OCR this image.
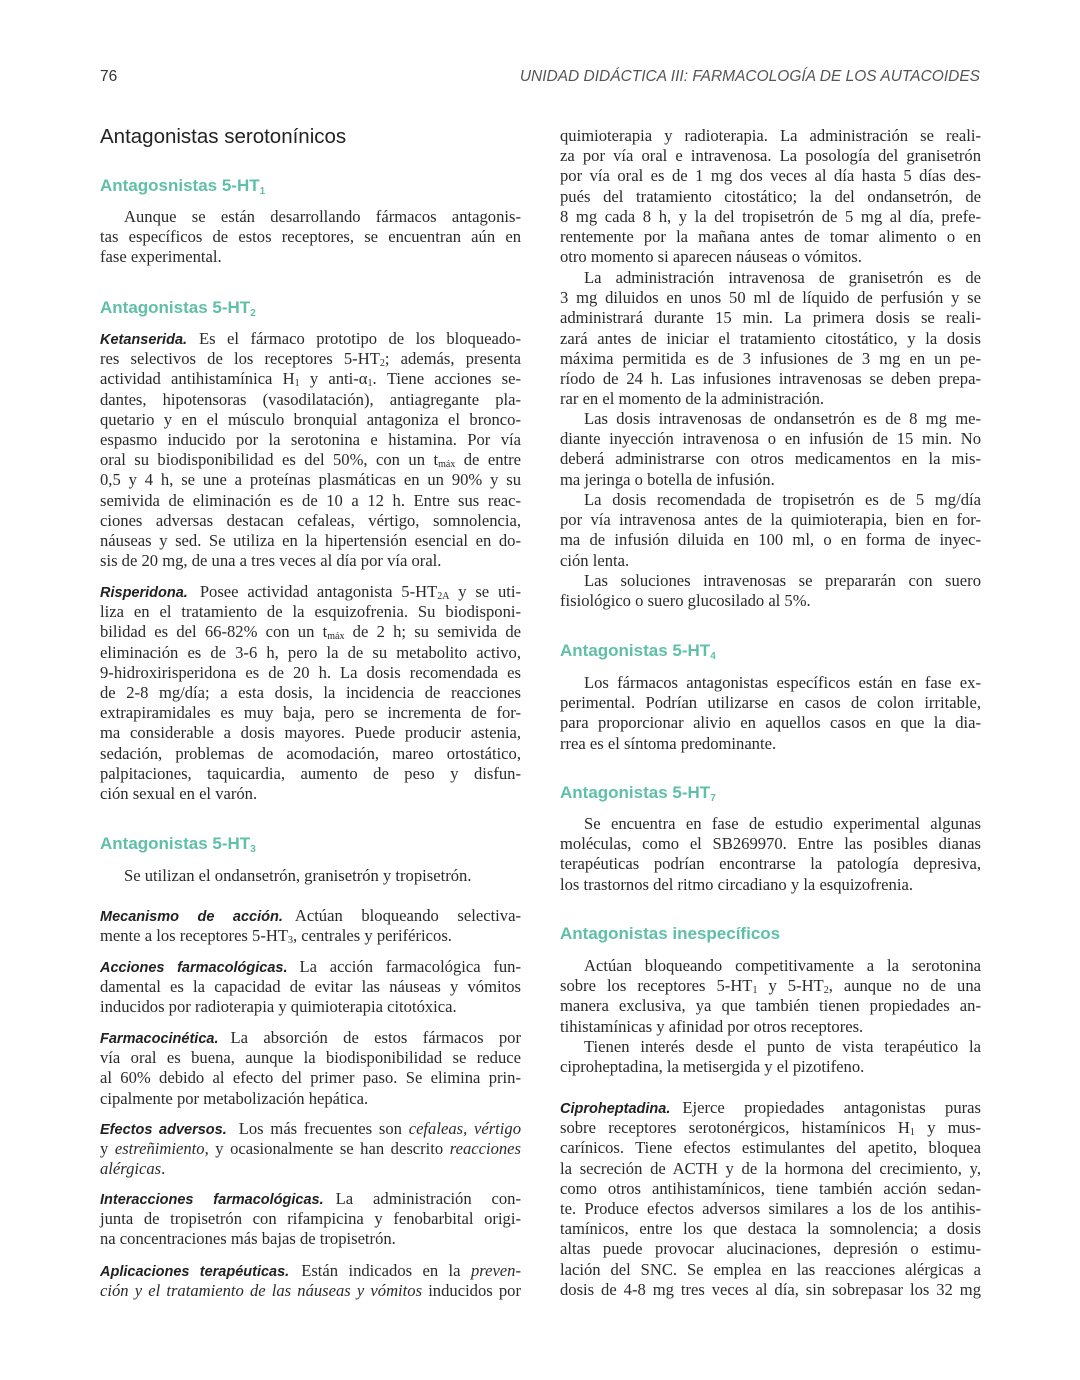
76	UNIDAD DIDÁCTICA III: FARMACOLOGÍA DE LOS AUTACOIDES
Antagonistas serotonínicos
Antagosnistas $5-HT_1$
Aunque se están desarrollando fármacos antagonis-
tas específicos de estos receptores, se encuentran aún en
fase experimental.
Antagonistas $5-HT_2$
Ketanserida. Es el fármaco prototipo de los bloqueado-
res selectivos de los receptores $5-HT_2$; además, presenta
actividad antihistamínica $H_1$ y anti-$\alpha_1$. Tiene acciones se-
dantes, hipotensoras (vasodilatación), antiagregante pla-
quetario y en el músculo bronquial antagoniza el bronco-
espasmo inducido por la serotonina e histamina. Por vía
oral su biodisponibilidad es del 50%, con un $t_{máx}$ de entre
0,5 y 4 h, se une a proteínas plasmáticas en un 90% y su
semivida de eliminación es de 10 a 12 h. Entre sus reac-
ciones adversas destacan cefaleas, vértigo, somnolencia,
náuseas y sed. Se utiliza en la hipertensión esencial en do-
sis de 20 mg, de una a tres veces al día por vía oral.
Risperidona. Posee actividad antagonista $5-HT_{2A}$ y se uti-
liza en el tratamiento de la esquizofrenia. Su biodisponi-
bilidad es del 66-82% con un $t_{máx}$ de 2 h; su semivida de
eliminación es de 3-6 h, pero la de su metabolito activo,
9-hidroxirisperidona es de 20 h. La dosis recomendada es
de 2-8 mg/día; a esta dosis, la incidencia de reacciones
extrapiramidales es muy baja, pero se incrementa de for-
ma considerable a dosis mayores. Puede producir astenia,
sedación, problemas de acomodación, mareo ortostático,
palpitaciones, taquicardia, aumento de peso y disfun-
ción sexual en el varón.
Antagonistas $5-HT_3$
Se utilizan el ondansetrón, granisetrón y tropisetrón.
Mecanismo de acción. Actúan bloqueando selectiva-
mente a los receptores $5-HT_3$, centrales y periféricos.
Acciones farmacológicas. La acción farmacológica fun-
damental es la capacidad de evitar las náuseas y vómitos
inducidos por radioterapia y quimioterapia citotóxica.
Farmacocinética. La absorción de estos fármacos por
vía oral es buena, aunque la biodisponibilidad se reduce
al 60% debido al efecto del primer paso. Se elimina prin-
cipalmente por metabolización hepática.
Efectos adversos. Los más frecuentes son cefaleas, vértigo
y estreñimiento, y ocasionalmente se han descrito reacciones
alérgicas.
Interacciones farmacológicas. La administración con-
junta de tropisetrón con rifampicina y fenobarbital origi-
na concentraciones más bajas de tropisetrón.
Aplicaciones terapéuticas. Están indicados en la preven-
ción y el tratamiento de las náuseas y vómitos inducidos por
quimioterapia y radioterapia. La administración se reali-
za por vía oral e intravenosa. La posología del granisetrón
por vía oral es de 1 mg dos veces al día hasta 5 días des-
pués del tratamiento citostático; la del ondansetrón, de
8 mg cada 8 h, y la del tropisetrón de 5 mg al día, prefe-
rentemente por la mañana antes de tomar alimento o en
otro momento si aparecen náuseas o vómitos.
La administración intravenosa de granisetrón es de
3 mg diluidos en unos 50 ml de líquido de perfusión y se
administrará durante 15 min. La primera dosis se reali-
zará antes de iniciar el tratamiento citostático, y la dosis
máxima permitida es de 3 infusiones de 3 mg en un pe-
ríodo de 24 h. Las infusiones intravenosas se deben prepa-
rar en el momento de la administración.
Las dosis intravenosas de ondansetrón es de 8 mg me-
diante inyección intravenosa o en infusión de 15 min. No
deberá administrarse con otros medicamentos en la mis-
ma jeringa o botella de infusión.
La dosis recomendada de tropisetrón es de 5 mg/día
por vía intravenosa antes de la quimioterapia, bien en for-
ma de infusión diluida en 100 ml, o en forma de inyec-
ción lenta.
Las soluciones intravenosas se prepararán con suero
fisiológico o suero glucosilado al 5%.
Antagonistas $5-HT_4$
Los fármacos antagonistas específicos están en fase ex-
perimental. Podrían utilizarse en casos de colon irritable,
para proporcionar alivio en aquellos casos en que la dia-
rrea es el síntoma predominante.
Antagonistas $5-HT_7$
Se encuentra en fase de estudio experimental algunas
moléculas, como el SB269970. Entre las posibles dianas
terapéuticas podrían encontrarse la patología depresiva,
los trastornos del ritmo circadiano y la esquizofrenia.
Antagonistas inespecíficos
Actúan bloqueando competitivamente a la serotonina
sobre los receptores $5-HT_1$ y $5-HT_2$, aunque no de una
manera exclusiva, ya que también tienen propiedades an-
tihistamínicas y afinidad por otros receptores.
Tienen interés desde el punto de vista terapéutico la
ciproheptadina, la metisergida y el pizotifeno.
Ciproheptadina. Ejerce propiedades antagonistas puras
sobre receptores serotonérgicos, histamínicos $H_1$ y mus-
carínicos. Tiene efectos estimulantes del apetito, bloquea
la secreción de ACTH y de la hormona del crecimiento, y,
como otros antihistamínicos, tiene también acción sedan-
te. Produce efectos adversos similares a los de los antihis-
tamínicos, entre los que destaca la somnolencia; a dosis
altas puede provocar alucinaciones, depresión o estimu-
lación del SNC. Se emplea en las reacciones alérgicas a
dosis de 4-8 mg tres veces al día, sin sobrepasar los 32 mg
